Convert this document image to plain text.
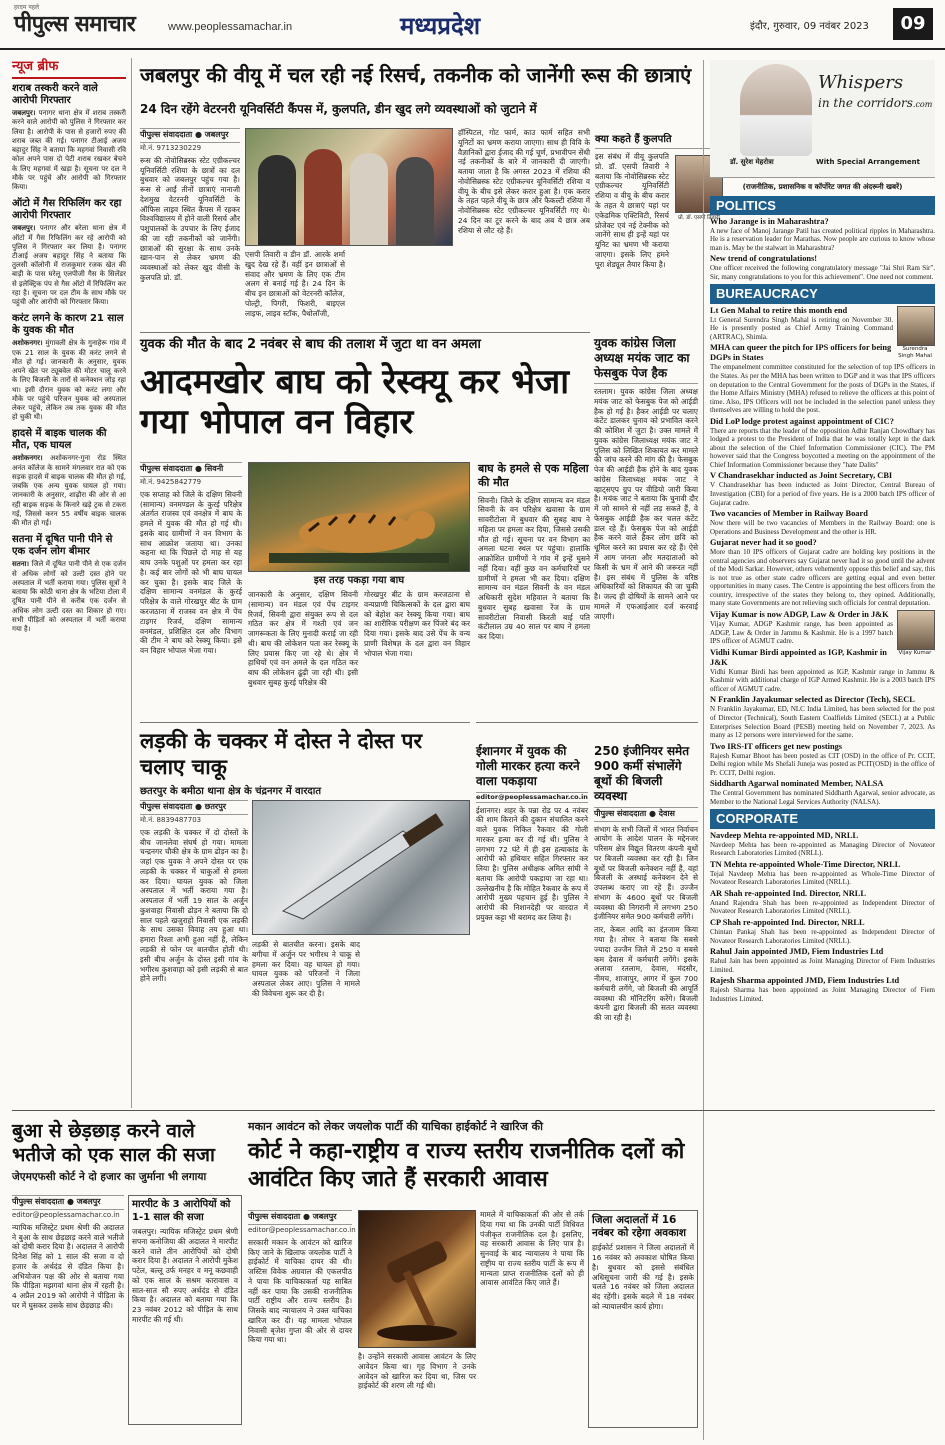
हरदम पहले
पीपुल्स समाचार	www.peoplessamachar.in	मध्यप्रदेश	इंदौर, गुरुवार, 09 नवंबर 2023	09
न्यूज ब्रीफ
शराब तस्करी करने वाले आरोपी गिरफ्तार

जबलपुर। पनागर थाना क्षेत्र में शराब तस्करी करने वाले आरोपी को पुलिस ने गिरफ्तार कर लिया है। आरोपी के पास से हजारों रुपए की शराब जब्त की गई। पनागर टीआई अजय बहादुर सिंह ने बताया कि महगवां निवासी रवि कोल अपने पास दो पेटी शराब रखकर बेचने के लिए महगवां में खड़ा है। सूचना पर दल ने मौके पर पहुंचे और आरोपी को गिरफ्तार किया।

ऑटो में गैस रिफिलिंग कर रहा आरोपी गिरफ्तार

जबलपुर। पनागर और बरेला थाना क्षेत्र में ऑटो में गैस रिफिलिंग कर रहे आरोपी को पुलिस ने गिरफ्तार कर लिया है। पनागर टीआई अजय बहादुर सिंह ने बताया कि तुलसी कॉलोनी में राजकुमार रजक खेत की बाड़ी के पास घरेलू एलपीजी गैस के सिलेंडर से इलेक्ट्रिक पंप से गैस ऑटो में रिफिलिंग कर रहा है। सूचना पर दल टीम के साथ मौके पर पहुंची और आरोपी को गिरफ्तार किया।

करंट लगने के कारण 21 साल के युवक की मौत

अशोकनगर। मुंगावली क्षेत्र के गुनाहेरू गांव में एक 21 साल के युवक की करंट लगने से मौत हो गई। जानकारी के अनुसार, युवक अपने खेत पर ट्यूबवेल की मोटर चालू करने के लिए बिजली के तारों से कनेक्शन जोड़ रहा था। इसी दौरान युवक को करंट लगा और मौके पर पहुंचे परिजन युवक को अस्पताल लेकर पहुंचे, लेकिन तब तक युवक की मौत हो चुकी थी।

हादसे में बाइक चालक की मौत, एक घायल

अशोकनगर। अशोकनगर-गुना रोड स्थित अनंत कॉलेज के सामने मंगलवार रात को एक सड़क हादसे में बाइक चालक की मौत हो गई, जबकि एक अन्य युवक घायल हो गया। जानकारी के अनुसार, शाढ़ौरा की ओर से आ रही बाइक सड़क के किनारे खड़े ट्रक से टकरा गई, जिससे करन 55 वर्षीय बाइक चालक की मौत हो गई।

सतना में दूषित पानी पीने से एक दर्जन लोग बीमार

सतना। जिले में दूषित पानी पीने से एक दर्जन से अधिक लोगों को उल्टी दस्त होने पर अस्पताल में भर्ती कराया गया। पुलिस सूत्रों ने बताया कि कोठी थाना क्षेत्र के भटिया टोला में दूषित पानी पीने से करीब एक दर्जन से अधिक लोग उल्टी दस्त का शिकार हो गए। सभी पीड़ितों को अस्पताल में भर्ती कराया गया है।

जबलपुर की वीयू में चल रही नई रिसर्च, तकनीक को जानेंगी रूस की छात्राएं
24 दिन रहेंगे वेटरनरी यूनिवर्सिटी कैंपस में, कुलपति, डीन खुद लगे व्यवस्थाओं को जुटाने में
पीपुल्स संवाददाता ● जबलपुर
मो.नं. 9713230229

रूस की नोवोसिब्रस्क स्टेट एग्रीकल्चर यूनिवर्सिटी रशिया के छात्रों का दल बुधवार को जबलपुर पहुंच गया है। रूस से आईं तीनों छात्राएं नानाजी देशमुख वेटरनरी यूनिवर्सिटी के ऑफिस लाइव स्थित कैंपस में रहकर विश्वविद्यालय में होने वाली रिसर्च और पशुपालकों के उपचार के लिए ईजाद की जा रही तकनीकों को जानेंगी। छात्राओं की सुरक्षा के साथ उनके खान-पान से लेकर भ्रमण की व्यवस्थाओं को लेकर खुद वीसी के कुलपति प्रो. डॉ.

एसपी तिवारी व डीन डॉ. आरके शर्मा खुद देख रहे हैं। वहीं इन छात्राओं से संवाद और भ्रमण के लिए एक टीम अलग से बनाई गई है। 24 दिन के बीच इन छात्राओं को वेटरनरी कॉलेज, पोल्ट्री, पिगरी, फिशरी, बाइएल लाइफ, लाइव स्टॉक, पैथोलॉजी,

हॉस्पिटल, गोट फार्म, काउ फार्म सहित सभी यूनिटों का भ्रमण कराया जाएगा। साथ ही विवि के वैज्ञानिकों द्वारा ईजाद की गई चूर्ण, प्रभावीपन सेंथी नई तकनीकों के बारे में जानकारी दी जाएगी। बताया जाता है कि अगस्त 2023 में रशिया की नोवोसिब्रस्क स्टेट एग्रीकल्चर यूनिवर्सिटी रशिया व वीयू के बीच इसे लेकर करार हुआ है। एक करार के तहत पहले वीयू के छात्र और फैकल्टी रशिया में नोवोसिब्रस्क स्टेट एग्रीकल्चर यूनिवर्सिटी गए थे। 24 दिन का टूर करने के बाद अब ये छात्र अब रशिया से लौट रहे हैं।

क्या कहते हैं कुलपति

इस संबंध में वीयू कुलपति प्रो. डॉ. एसपी तिवारी ने बताया कि नोवोसिब्रस्क स्टेट एग्रीकल्चर यूनिवर्सिटी रशिया व वीयू के बीच करार के तहत ये छात्राएं यहां पर एकेडमिक एक्टिविटी, रिसर्च प्रोजेक्ट एवं नई टेक्नीक को जानेंगे साथ ही इन्हें यहां पर यूनिट का भ्रमण भी कराया जाएगा। इसके लिए हमने पूरा शेड्यूल तैयार किया है।

प्रो. डॉ. एसपी तिवारी
युवक की मौत के बाद 2 नवंबर से बाघ की तलाश में जुटा था वन अमला
आदमखोर बाघ को रेस्क्यू कर भेजा गया भोपाल वन विहार
पीपुल्स संवाददाता ● सिवनी
मो.नं. 9425842779

एक सप्ताह को जिले के दक्षिण सिवनी (सामान्य) वनमण्डल के कुरई परिक्षेत्र अंतर्गत राजस्व एवं वनक्षेत्र में बाघ के हमले में युवक की मौत हो गई थी। इसके बाद ग्रामीणों ने वन विभाग के साथ आक्रोश जताया था। उनका कहना था कि पिछले दो माह से यह बाघ उनके पशुओं पर हमला कर रहा है। कई बार लोगों को भी बाघ घायल कर चुका है। इसके बाद जिले के दक्षिण सामान्य वनमंडल के कुरई परिक्षेत्र के वाले गोरखपुर बीट के ग्राम करजठाना में राजस्व वन क्षेत्र में पेंच टाइगर रिजर्व, दक्षिण सामान्य वनमंडल, प्रशिक्षित दल और विभाग की टीम ने बाघ को रेस्क्यू किया। इसे वन विहार भोपाल भेजा गया।

इस तरह पकड़ा गया बाघ

जानकारी के अनुसार, दक्षिण सिवनी (सामान्य) वन मंडल एवं पेंच टाइगर रिजर्व, सिवनी द्वारा संयुक्त रूप से दल गठित कर क्षेत्र में गश्ती एवं जन जागरूकता के लिए मुनादी कराई जा रही थी। बाघ की लोकेशन पता कर रेस्क्यू के लिए प्रयास किए जा रहे थे। क्षेत्र में हाथियों एवं वन अमले के दल गठित कर बाघ की लोकेशन ढूंढ़ी जा रही थी। इसी बुधवार सुबह कुरई परिक्षेत्र की

गोरखपुर बीट के ग्राम करजठाना से वन्यप्राणी चिकित्सकों के दल द्वारा बाघ को बेहोश कर रेस्क्यू किया गया। बाघ का शारीरिक परीक्षण कर पिंजरे बंद कर दिया गया। इसके बाद उसे पेंच के वन्य प्राणी विशेषज्ञ के दल द्वारा वन विहार भोपाल भेजा गया।

बाघ के हमले से एक महिला की मौत

सिवनी। जिले के दक्षिण सामान्य वन मंडल सिवनी के वन परिक्षेत्र खवासा के ग्राम सावरीटोला में बुधवार की सुबह बाघ ने महिला पर हमला कर दिया, जिससे उसकी मौत हो गई। सूचना पर वन विभाग का अमला घटना स्थल पर पहुंचा। हालांकि आक्रोशित ग्रामीणों ने गांव में इन्हें घुसने नहीं दिया। वहीं कुछ वन कर्मचारियों पर ग्रामीणों ने हमला भी कर दिया। दक्षिण सामान्य वन मंडल सिवनी के वन मंडल अधिकारी सुदेश महिवाल ने बताया कि बुधवार सुबह खवासा रेंज के ग्राम सावरीटोला निवासी किरती बाई पति कंटीलाल उम्र 40 साल पर बाघ ने हमला कर दिया।

युवक कांग्रेस जिला अध्यक्ष मयंक जाट का फेसबुक पेज हैक

रतलाम। युवक कांग्रेस जिला अध्यक्ष मयंक जाट को फेसबुक पेज को आईडी हैक हो गई है। हैकर आईडी पर चलाए कंटेंट डालकर चुनाव को प्रभावित करने की कोशिश में जुटा है। उक्त मामले में युवक कांग्रेस जिलाध्यक्ष मयंक जाट ने पुलिस को लिखित शिकायत कर मामले की जांच करने की मांग की है। फेसबुक पेज की आईडी हैक होने के बाद युवक कांग्रेस जिलाध्यक्ष मयंक जाट ने व्हाट्सएप ग्रुप पर वीडियो जारी किया है। मयंक जाट ने बताया कि चुनावी दौर में जो सामने से नहीं लड़ सकते हैं, वे फेसबुक आईडी हैक कर चलत कंटेंट डाल रहे हैं। फेसबुक पेज को आईडी हैक करने वाले हैकर लोग छवि को धूमिल करने का प्रयास कर रहे हैं। ऐसे में आम जनता और मतदाताओं को किसी के भ्रम में आने की जरूरत नहीं है। इस संबंध में पुलिस के वरिष्ठ अधिकारियों को शिकायत की जा चुकी है। जल्द ही दोषियों के सामने आने पर मामले में एफआईआर दर्ज करवाई जाएगी।

लड़की के चक्कर में दोस्त ने दोस्त पर चलाए चाकू
छतरपुर के बमीठा थाना क्षेत्र के चंद्रनगर में वारदात
पीपुल्स संवाददाता ● छतरपुर
मो.नं. 8839487703

एक लड़की के चक्कर में दो दोस्तों के बीच जानलेवा संघर्ष हो गया। मामला चन्द्रनगर चौकी क्षेत्र के ग्राम ढोड़न का है। जहां एक युवक ने अपने दोस्त पर एक लड़की के चक्कर में चाकुओं से हमला कर दिया। घायल युवक को जिला अस्पताल में भर्ती कराया गया है। अस्पताल में भर्ती 19 साल के अर्जुन कुशवाहा निवासी ढोड़न ने बताया कि दो साल पहले खजुराहो निवासी एक लड़की के साथ उसका विवाह तय हुआ था। हमारा रिश्ता अभी हुआ नहीं है, लेकिन लड़की से फोन पर बातचीत होती थी। इसी बीच अर्जुन के दोस्त इसी गांव के भगीरथ कुशवाहा को इसी लड़की से बात होने लगी।

लड़की से बातचीत करना। इसके बाद बगीचा में अर्जुन पर भगीरथ ने चाकू से हमला कर दिया। वह घायल हो गया। घायल युवक को परिजनों ने जिला अस्पताल लेकर आए। पुलिस ने मामले की विवेचना शुरू कर दी है।

ईशानगर में युवक की गोली मारकर हत्या करने वाला पकड़ाया
editor@peoplessamachar.co.in

ईशानगर। शहर के पन्ना रोड पर 4 नवंबर की शाम किराने की दुकान संचालित करने वाले युवक निकित रैकवार की गोली मारकर हत्या कर दी गई थी। पुलिस ने लगभग 72 घंटे में ही इस हत्याकांड के आरोपी को हथियार सहित गिरफ्तार कर लिया है। पुलिस अधीक्षक अमित सांघी ने बताया कि आरोपी पकड़ाया जा रहा था। उल्लेखनीय है कि मोहित रैकवार के रूप में आरोपी मुख्य पहचान हुई है। पुलिस ने आरोपी की निशानदेही पर वारदात में प्रयुक्त कट्टा भी बरामद कर लिया है।

250 इंजीनियर समेत 900 कर्मी संभालेंगे बूथों की बिजली व्यवस्था
पीपुल्स संवाददाता ● देवास

संभाग के सभी जिलों में भारत निर्वाचन आयोग के आदेश पालन के मद्देनजर परिसम क्षेत्र विद्युत वितरण कंपनी बूथों पर बिजली व्यवस्था कर रही है। जिन बूथों पर बिजली कनेक्शन नहीं है, वहां बिजली के अस्थाई कनेक्शन देने से उपलब्ध कराए जा रहे हैं। उज्जैन संभाग के 4600 बूथों पर बिजली व्यवस्था की निगरानी में लगभग 250 इंजीनियर समेत 900 कर्मचारी लगेंगे।

तार, केबल आदि का इंतजाम किया गया है। तोमर ने बताया कि सबसे ज्यादा उज्जैन जिले में 250 व सबसे कम देवास में कर्मचारी लगेंगे। इसके अलावा रतलाम, देवास, मंदसौर, नीमच, शाजापुर, आगर में कुल 700 कर्मचारी लगेंगे, जो बिजली की आपूर्ति व्यवस्था की मॉनिटरिंग करेंगे। बिजली कंपनी द्वारा बिजली की सतत व्यवस्था की जा रही है।

Whispers
in the corridors.com
डॉ. सुरेश मेहरोत्रा	With Special Arrangement
(राजनीतिक, प्रशासनिक व कॉर्पोरेट जगत की अंदरूनी खबरें)
POLITICS
Who Jarange is in Maharashtra?
A new face of Manoj Jarange Patil has created political ripples in Maharashtra. He is a reservation leader for Marathas. Now people are curious to know whose man is. May be the stalwart in Maharashtra?
New trend of congratulations!
One officer received the following congratulatory message "Jai Shri Ram Sir". Sir, many congratulations to you for this achievement". One need not comment.
BUREAUCRACY
Surendra Singh Mahal
Lt Gen Mahal to retire this month end
Lt General Surendra Singh Mahal is retiring on November 30. He is presently posted as Chief Army Training Command (ARTRAC), Shimla.
MHA can queer the pitch for IPS officers for being DGPs in States
The empanelment committee constituted for the selection of top IPS officers in the States. As per the MHA has been written to DGP and it was that IPS officers on deputation to the Central Government for the posts of DGPs in the States, if the Home Affairs Ministry (MHA) refused to relieve the officers at this point of time. Also, IPS Officers will not be included in the selection panel unless they themselves are willing to hold the post.
Did LoP lodge protest against appointment of CIC?
There are reports that the leader of the opposition Adhir Ranjan Chowdhary has lodged a protest to the President of India that he was totally kept in the dark about the selection of the Chief Information Commissioner (CIC). The PM however said that the Congress boycotted a meeting on the appointment of the Chief Information Commissioner because they "hate Dalits"
V Chandrasekhar inducted as Joint Secretary, CBI
V Chandrasekhar has been inducted as Joint Director, Central Bureau of Investigation (CBI) for a period of five years. He is a 2000 batch IPS officer of Gujarat cadre.
Two vacancies of Member in Railway Board
Now there will be two vacancies of Members in the Railway Board: one is Operations and Business Development and the other is HR.
Gujarat never had it so good?
More than 10 IPS officers of Gujarat cadre are holding key positions in the central agencies and observers say Gujarat never had it so good until the advent of the Modi Sarkar. However, others vehemently oppose this belief and say, this is not true as other state cadre officers are getting equal and even better opportunities in many cases. The Centre is appointing the best officers from the country, irrespective of the states they belong to, they opined. Additionally, many state Governments are not relieving such officials for central deputation.
Vijay Kumar
Vijay Kumar is now ADGP, Law & Order in J&K
Vijay Kumar, ADGP Kashmir range, has been appointed as ADGP, Law & Order in Jammu & Kashmir. He is a 1997 batch IPS officer of AGMUT cadre.
Vidhi Kumar Birdi appointed as IGP, Kashmir in J&K
Vidhi Kumar Birdi has been appointed as IGP, Kashmir range in Jammu & Kashmir with additional charge of IGP Armed Kashmir. He is a 2003 batch IPS officer of AGMUT cadre.
N Franklin Jayakumar selected as Director (Tech), SECL
N Franklin Jayakumar, ED, NLC India Limited, has been selected for the post of Director (Technical), South Eastern Coalfields Limited (SECL) at a Public Enterprises Selection Board (PESB) meeting held on November 7, 2023. As many as 12 persons were interviewed for the same.
Two IRS-IT officers get new postings
Rajesh Kumar Bhoot has been posted as CIT (OSD) in the office of Pr. CCIT, Delhi region while Ms Shefali Juneja was posted as PCIT(OSD) in the office of Pr. CCIT, Delhi region.
Siddharth Agarwal nominated Member, NALSA
The Central Government has nominated Siddharth Agarwal, senior advocate, as Member to the National Legal Services Authority (NALSA).
CORPORATE
Navdeep Mehta re-appointed MD, NRLL
Navdeep Mehta has been re-appointed as Managing Director of Novateor Research Laboratories Limited (NRLL).
TN Mehta re-appointed Whole-Time Director, NRLL
Tejal Navdeep Mehta has been re-appointed as Whole-Time Director of Novateor Research Laboratories Limited (NRLL).
AR Shah re-appointed Ind. Director, NRLL
Anand Rajendra Shah has been re-appointed as Independent Director of Novateor Research Laboratories Limited (NRLL).
CP Shah re-appointed Ind. Director, NRLL
Chintan Pankaj Shah has been re-appointed as Independent Director of Novateor Research Laboratories Limited (NRLL).
Rahul Jain appointed JMD, Fiem Industries Ltd
Rahul Jain has been appointed as Joint Managing Director of Fiem Industries Limited.
Rajesh Sharma appointed JMD, Fiem Industries Ltd
Rajesh Sharma has been appointed as Joint Managing Director of Fiem Industries Limited.
बुआ से छेड़छाड़ करने वाले भतीजे को एक साल की सजा
जेएमएफसी कोर्ट ने दो हजार का जुर्माना भी लगाया
पीपुल्स संवाददाता ● जबलपुर
editor@peoplessamachar.co.in

न्यायिक मजिस्ट्रेट प्रथम श्रेणी की अदालत ने बुआ के साथ छेड़छाड़ करने वाले भतीजे को दोषी करार दिया है। अदालत ने आरोपी दिनेश सिंह को 1 साल की सजा व दो हजार के अर्थदंड से दंडित किया है। अभियोजन पक्ष की ओर से बताया गया कि पीड़िता मझगवां थाना क्षेत्र में रहती है। 4 अप्रैल 2019 को आरोपी ने पीड़िता के घर में घुसकर उसके साथ छेड़छाड़ की।

मारपीट के 3 आरोपियों को 1-1 साल की सजा

जबलपुर। न्यायिक मजिस्ट्रेट प्रथम श्रेणी सपना कनोजिया की अदालत ने मारपीट करने वाले तीन आरोपियों को दोषी करार दिया है। अदालत ने आरोपी मुकेश पटेल, बल्लू उर्फ मनहर व मनू कछवाही को एक साल के सश्रम कारावास व सात-सात सौ रुपए अर्थदंड से दंडित किया है। अदालत को बताया गया कि 23 नवंबर 2012 को पीड़ित के साथ मारपीट की गई थी।

मकान आवंटन को लेकर जयलोक पार्टी की याचिका हाईकोर्ट ने खारिज की
कोर्ट ने कहा-राष्ट्रीय व राज्य स्तरीय राजनीतिक दलों को आवंटित किए जाते हैं सरकारी आवास
पीपुल्स संवाददाता ● जबलपुर
editor@peoplessamachar.co.in

सरकारी मकान के आवंटन को खारिज किए जाने के खिलाफ जयलोक पार्टी ने हाईकोर्ट में याचिका दायर की थी। जस्टिस विवेक अग्रवाल की एकलपीठ ने पाया कि याचिकाकर्ता यह साबित नहीं कर पाया कि उसकी राजनीतिक पार्टी राष्ट्रीय और राज्य स्तरीय है। जिसके बाद न्यायालय ने उक्त याचिका खारिज कर दी। यह मामला भोपाल निवासी बृजेश गुप्ता की ओर से दायर किया गया था।

है। उन्होंने सरकारी आवास आवंटन के लिए आवेदन किया था। गृह विभाग ने उनके आवेदन को खारिज कर दिया था, जिस पर हाईकोर्ट की शरण ली गई थी।

मामले में याचिकाकर्ता की ओर से तर्क दिया गया था कि उनकी पार्टी विधिवत पंजीकृत राजनीतिक दल है। इसलिए, वह सरकारी आवास के लिए पात्र है। सुनवाई के बाद न्यायालय ने पाया कि राष्ट्रीय या राज्य स्तरीय पार्टी के रूप में मान्यता प्राप्त राजनीतिक दलों को ही आवास आवंटित किए जाते हैं।

जिला अदालतों में 16 नवंबर को रहेगा अवकाश

हाईकोर्ट प्रशासन ने जिला अदालतों में 16 नवंबर को अवकाश घोषित किया है। बुधवार को इससे संबंधित अधिसूचना जारी की गई है। इसके चलते 16 नवंबर को जिला अदालत बंद रहेंगी। इसके बदले में 18 नवंबर को न्यायालयीन कार्य होगा।
